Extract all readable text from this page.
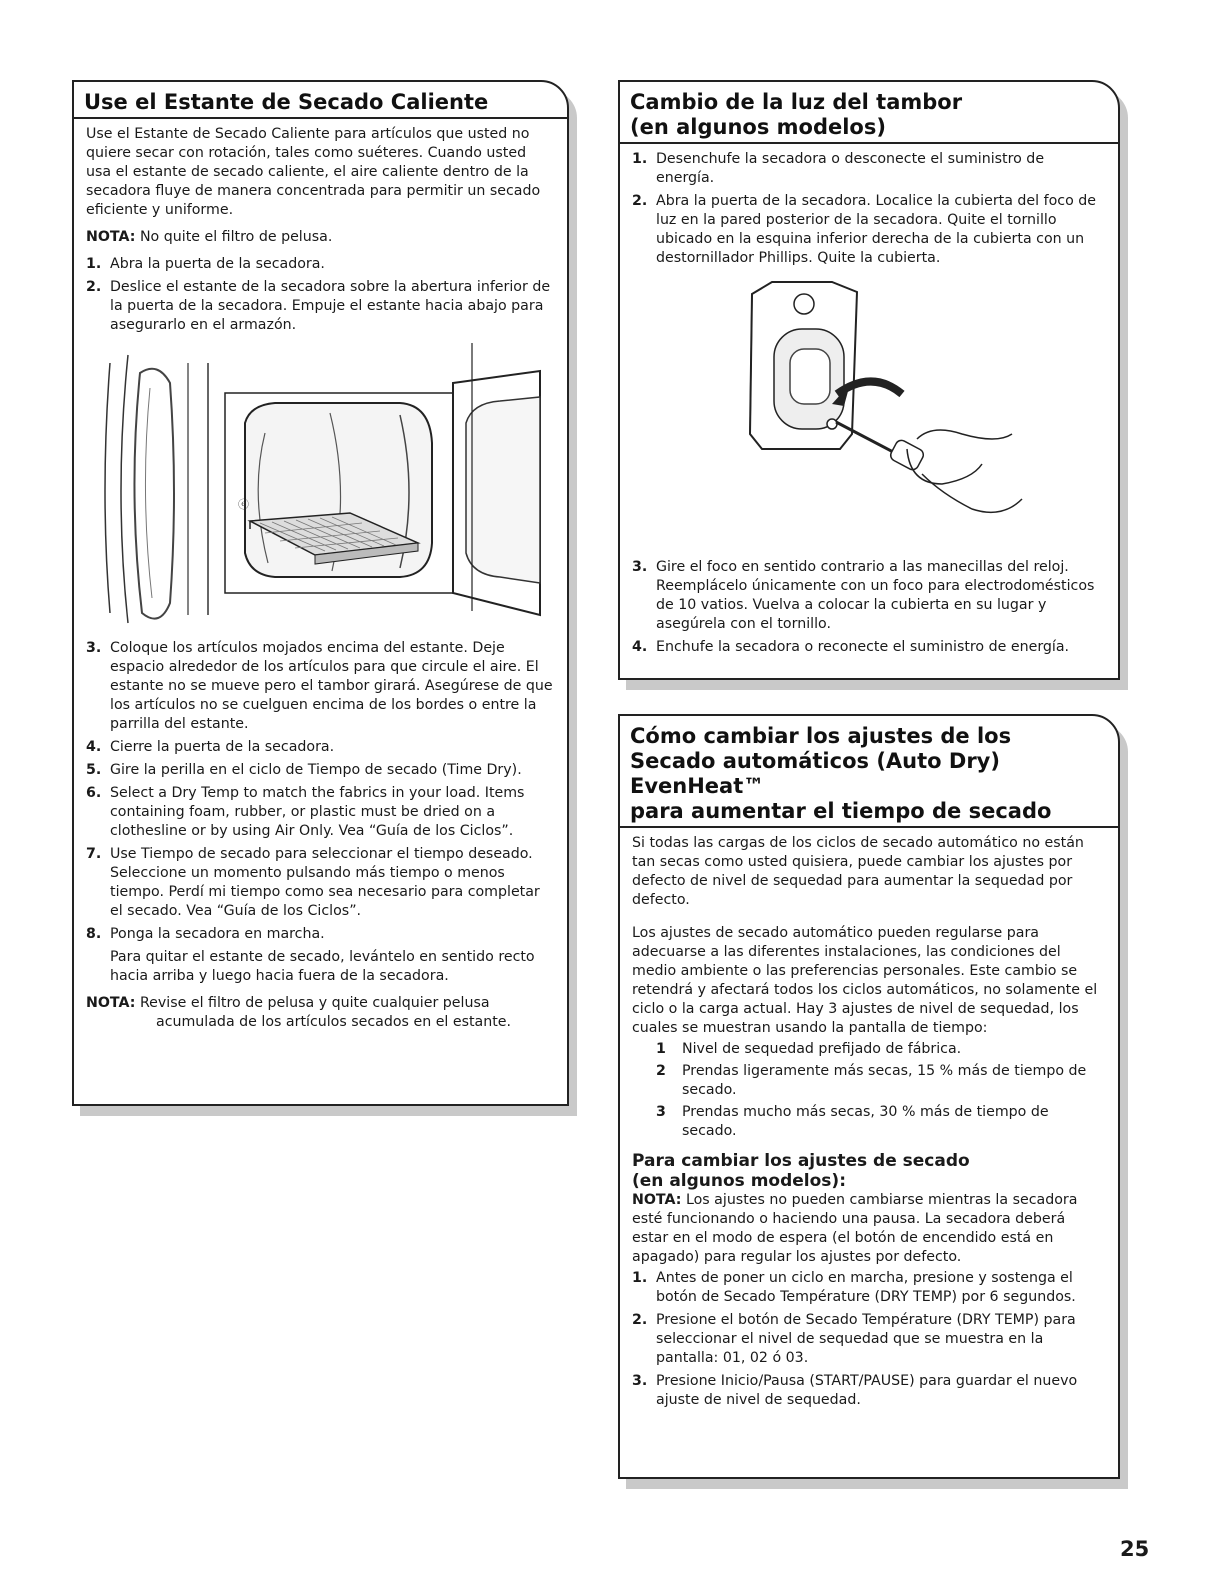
Use el Estante de Secado Caliente

Use el Estante de Secado Caliente para artículos que usted no quiere secar con rotación, tales como suéteres. Cuando usted usa el estante de secado caliente, el aire caliente dentro de la secadora fluye de manera concentrada para permitir un secado eficiente y uniforme.

NOTA: No quite el filtro de pelusa.

1. Abra la puerta de la secadora.
2. Deslice el estante de la secadora sobre la abertura inferior de la puerta de la secadora. Empuje el estante hacia abajo para asegurarlo en el armazón.
ⓔ
3. Coloque los artículos mojados encima del estante. Deje espacio alrededor de los artículos para que circule el aire. El estante no se mueve pero el tambor girará. Asegúrese de que los artículos no se cuelguen encima de los bordes o entre la parrilla del estante.
4. Cierre la puerta de la secadora.
5. Gire la perilla en el ciclo de Tiempo de secado (Time Dry).
6. Select a Dry Temp to match the fabrics in your load. Items containing foam, rubber, or plastic must be dried on a clothesline or by using Air Only. Vea “Guía de los Ciclos”.
7. Use Tiempo de secado para seleccionar el tiempo deseado. Seleccione un momento pulsando más tiempo o menos tiempo. Perdí mi tiempo como sea necesario para completar el secado. Vea “Guía de los Ciclos”.
8. Ponga la secadora en marcha.

Para quitar el estante de secado, levántelo en sentido recto hacia arriba y luego hacia fuera de la secadora.

NOTA: Revise el filtro de pelusa y quite cualquier pelusa acumulada de los artículos secados en el estante.

Cambio de la luz del tambor
(en algunos modelos)
1. Desenchufe la secadora o desconecte el suministro de energía.
2. Abra la puerta de la secadora. Localice la cubierta del foco de luz en la pared posterior de la secadora. Quite el tornillo ubicado en la esquina inferior derecha de la cubierta con un destornillador Phillips. Quite la cubierta.
3. Gire el foco en sentido contrario a las manecillas del reloj. Reemplácelo únicamente con un foco para electrodomésticos de 10 vatios. Vuelva a colocar la cubierta en su lugar y asegúrela con el tornillo.
4. Enchufe la secadora o reconecte el suministro de energía.
Cómo cambiar los ajustes de los
Secado automáticos (Auto Dry) EvenHeat™
para aumentar el tiempo de secado

Si todas las cargas de los ciclos de secado automático no están tan secas como usted quisiera, puede cambiar los ajustes por defecto de nivel de sequedad para aumentar la sequedad por defecto.

Los ajustes de secado automático pueden regularse para adecuarse a las diferentes instalaciones, las condiciones del medio ambiente o las preferencias personales. Este cambio se retendrá y afectará todos los ciclos automáticos, no solamente el ciclo o la carga actual. Hay 3 ajustes de nivel de sequedad, los cuales se muestran usando la pantalla de tiempo:

1 Nivel de sequedad prefijado de fábrica.
2 Prendas ligeramente más secas, 15 % más de tiempo de secado.
3 Prendas mucho más secas, 30 % más de tiempo de secado.
Para cambiar los ajustes de secado
(en algunos modelos):

NOTA: Los ajustes no pueden cambiarse mientras la secadora esté funcionando o haciendo una pausa. La secadora deberá estar en el modo de espera (el botón de encendido está en apagado) para regular los ajustes por defecto.

1. Antes de poner un ciclo en marcha, presione y sostenga el botón de Secado Température (DRY TEMP) por 6 segundos.
2. Presione el botón de Secado Température (DRY TEMP) para seleccionar el nivel de sequedad que se muestra en la pantalla: 01, 02 ó 03.
3. Presione Inicio/Pausa (START/PAUSE) para guardar el nuevo ajuste de nivel de sequedad.
25
